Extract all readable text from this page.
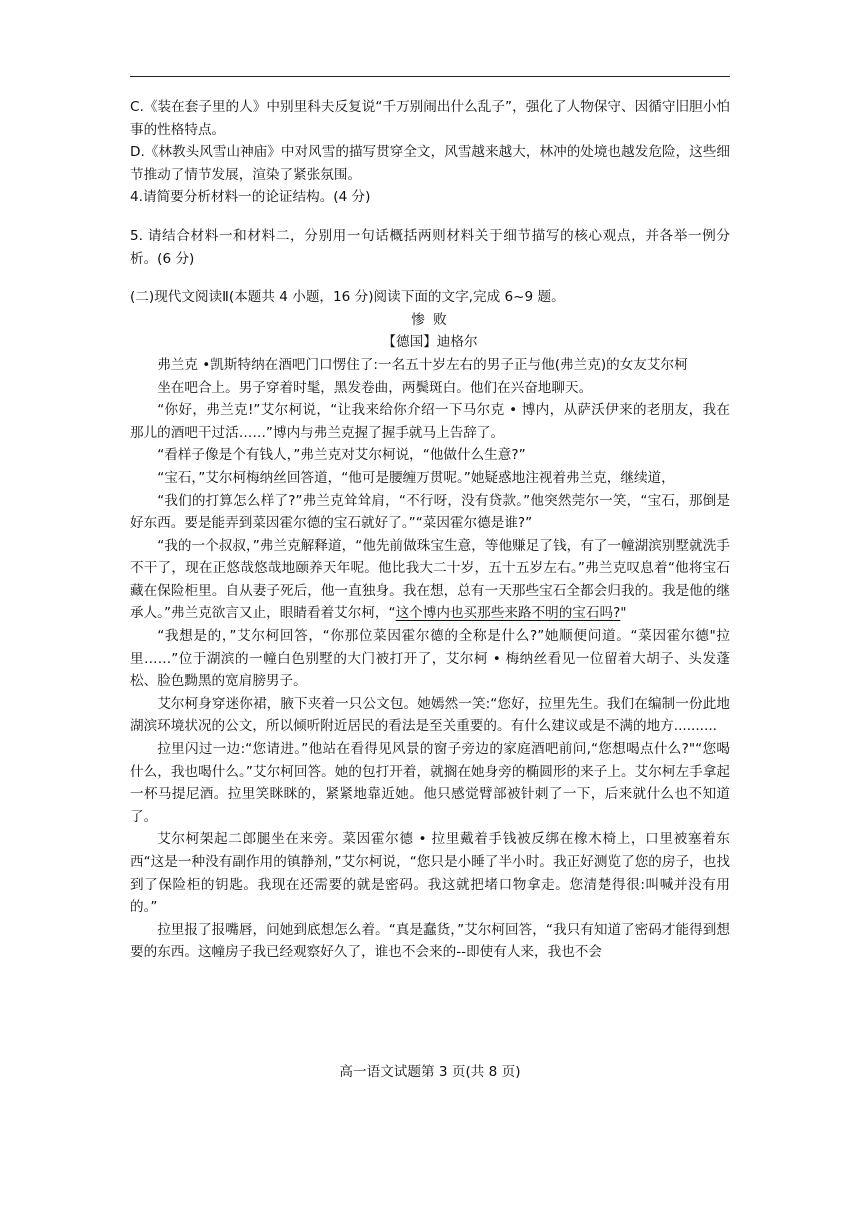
C.《装在套子里的人》中别里科夫反复说“千万别闹出什么乱子”，强化了人物保守、因循守旧胆小怕事的性格特点。

D.《林教头风雪山神庙》中对风雪的描写贯穿全文，风雪越来越大，林冲的处境也越发危险，这些细节推动了情节发展，渲染了紧张氛围。

4.请简要分析材料一的论证结构。(4 分)

5. 请结合材料一和材料二，分别用一句话概括两则材料关于细节描写的核心观点，并各举一例分析。(6 分)

(二)现代文阅读Ⅱ(本题共 4 小题，16 分)阅读下面的文字,完成 6~9 题。

惨 败

【德国】迪格尔

弗兰克 •凯斯特纳在酒吧门口愣住了:一名五十岁左右的男子正与他(弗兰克)的女友艾尔柯

坐在吧合上。男子穿着时髦，黑发卷曲，两鬓斑白。他们在兴奋地聊天。

“你好，弗兰克!”艾尔柯说，“让我来给你介绍一下马尔克 • 博内，从萨沃伊来的老朋友，我在那儿的酒吧干过活……”博内与弗兰克握了握手就马上告辞了。

“看样子像是个有钱人，”弗兰克对艾尔柯说，“他做什么生意?”

“宝石，”艾尔柯梅纳丝回答道，“他可是腰缠万贯呢。”她疑惑地注视着弗兰克，继续道，

“我们的打算怎么样了?”弗兰克耸耸肩，“不行呀，没有贷款。”他突然莞尔一笑，“宝石，那倒是好东西。要是能弄到菜因霍尔德的宝石就好了。”“菜因霍尔德是谁?”

“我的一个叔叔，”弗兰克解释道，“他先前做珠宝生意，等他赚足了钱，有了一幢湖滨别墅就洗手不干了，现在正悠哉悠哉地颐养天年呢。他比我大二十岁，五十五岁左右。”弗兰克叹息着“他将宝石藏在保险柜里。自从妻子死后，他一直独身。我在想，总有一天那些宝石全都会归我的。我是他的继承人。”弗兰克欲言又止，眼睛看着艾尔柯，“这个博内也买那些来路不明的宝石吗?"

“我想是的，”艾尔柯回答，“你那位菜因霍尔德的全称是什么?”她顺便问道。“菜因霍尔德"拉里……”位于湖滨的一幢白色别墅的大门被打开了，艾尔柯 • 梅纳丝看见一位留着大胡子、头发蓬松、脸色黝黑的宽肩膀男子。

艾尔柯身穿迷你裙，腋下夹着一只公文包。她嫣然一笑:“您好，拉里先生。我们在编制一份此地湖滨环境状况的公文，所以倾听附近居民的看法是至关重要的。有什么建议或是不满的地方..........

拉里闪过一边:“您请进。”他站在看得见风景的窗子旁边的家庭酒吧前问,“您想喝点什么?"“您喝什么，我也喝什么。”艾尔柯回答。她的包打开着，就搁在她身旁的椭圆形的来子上。艾尔柯左手拿起一杯马提尼酒。拉里笑眯眯的，紧紧地靠近她。他只感觉臂部被针刺了一下，后来就什么也不知道了。

艾尔柯架起二郎腿坐在来旁。菜因霍尔德 • 拉里戴着手钱被反绑在橡木椅上，口里被塞着东西“这是一种没有副作用的镇静剂，”艾尔柯说，“您只是小睡了半小时。我正好测览了您的房子，也找到了保险柜的钥匙。我现在还需要的就是密码。我这就把堵口物拿走。您清楚得很:叫喊并没有用的。”

拉里报了报嘴唇，问她到底想怎么着。“真是蠢货，”艾尔柯回答，“我只有知道了密码才能得到想要的东西。这幢房子我已经观察好久了，谁也不会来的--即使有人来，我也不会

高一语文试题第 3 页(共 8 页)
